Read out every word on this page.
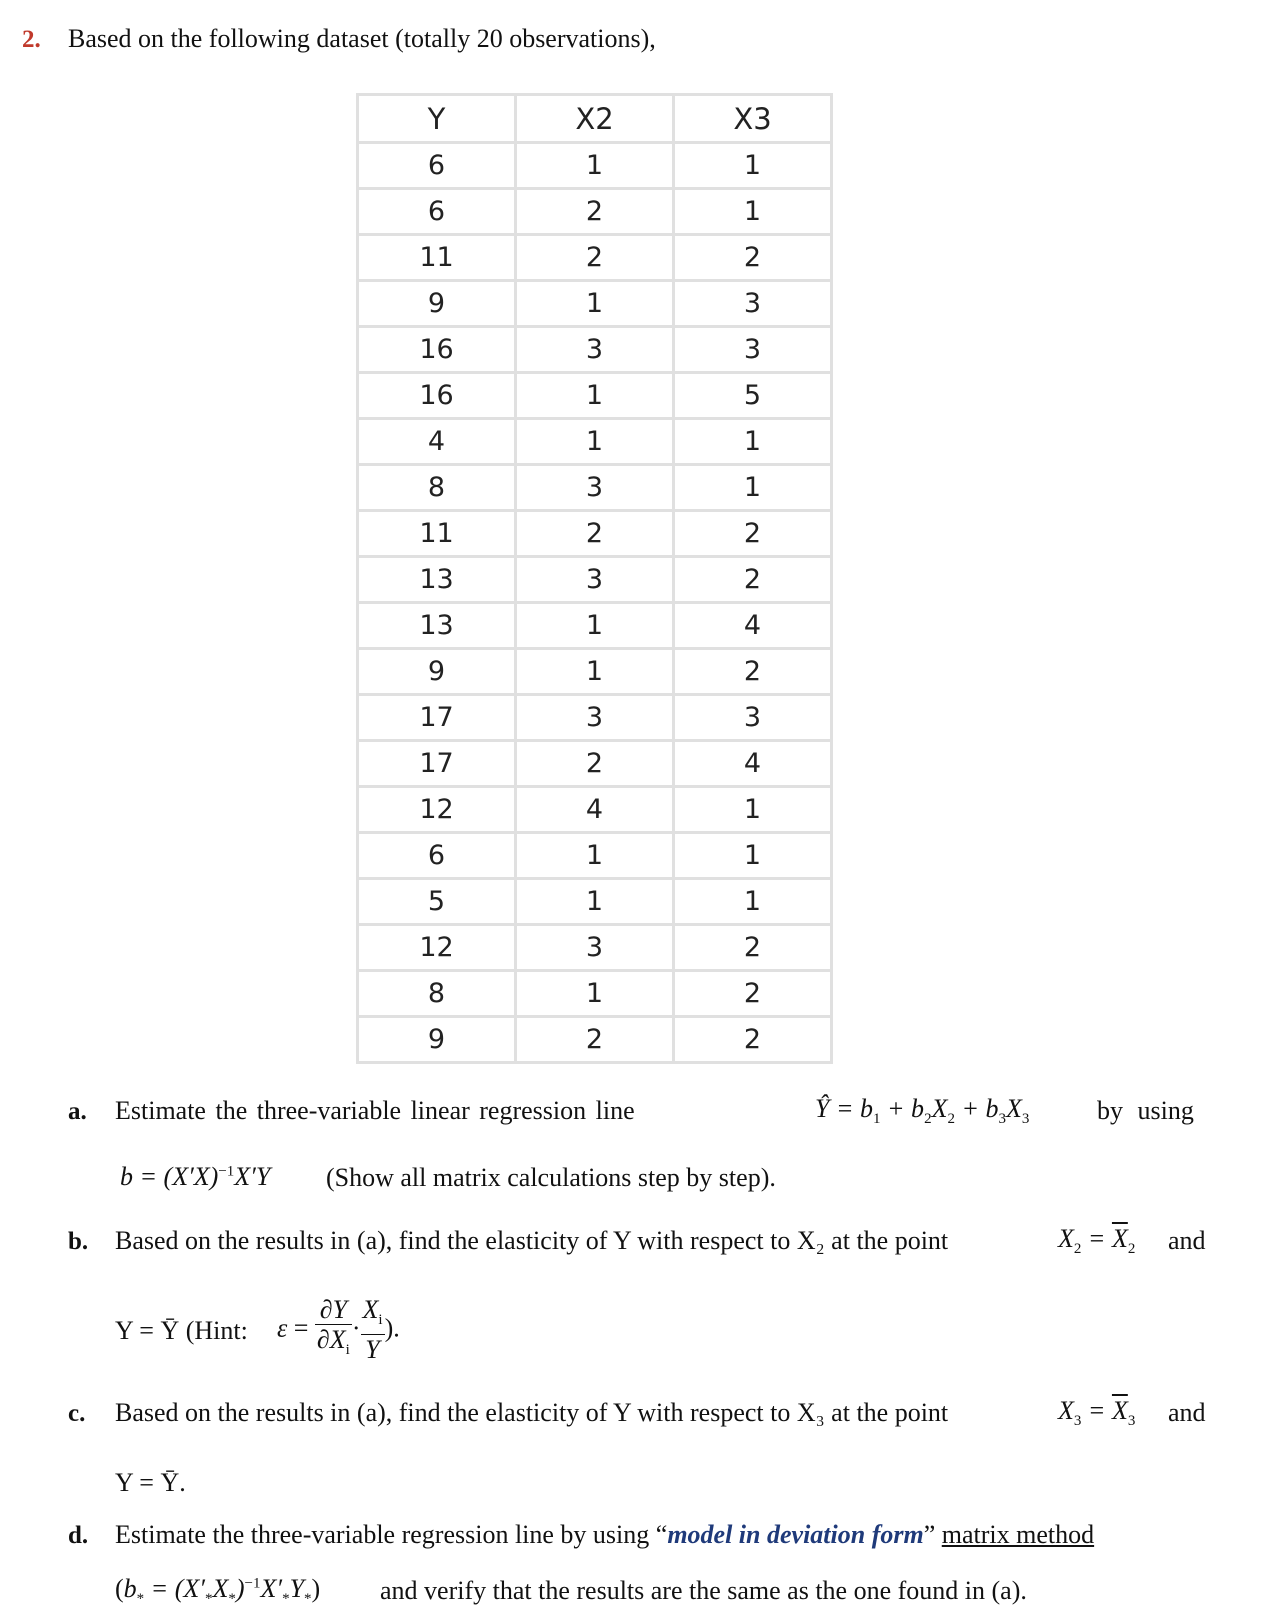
2. Based on the following dataset (totally 20 observations),
Y	X2	X3
6	1	1
6	2	1
11	2	2
9	1	3
16	3	3
16	1	5
4	1	1
8	3	1
11	2	2
13	3	2
13	1	4
9	1	2
17	3	3
17	2	4
12	4	1
6	1	1
5	1	1
12	3	2
8	1	2
9	2	2
a. Estimate the three-variable linear regression line	Ŷ = $b_1 + b_2X_2 + b_3X_3$	by using
$b = (X'X)^{-1}X'Y$ (Show all matrix calculations step by step).
b. Based on the results in (a), find the elasticity of Y with respect to X₂ at the point	$X_2 = \overline{X}_2$ and
Y = Ȳ (Hint: $\varepsilon = \frac{\partial Y}{\partial X_i} \cdot \frac{X_i}{Y}$ ).
c. Based on the results in (a), find the elasticity of Y with respect to X₃ at the point	$X_3 = \overline{X}_3$ and
Y = Ȳ.
d. Estimate the three-variable regression line by using “model in deviation form” matrix method
$(b_* = (X'_*X_*)^{-1}X'_*Y_*)$ and verify that the results are the same as the one found in (a).
